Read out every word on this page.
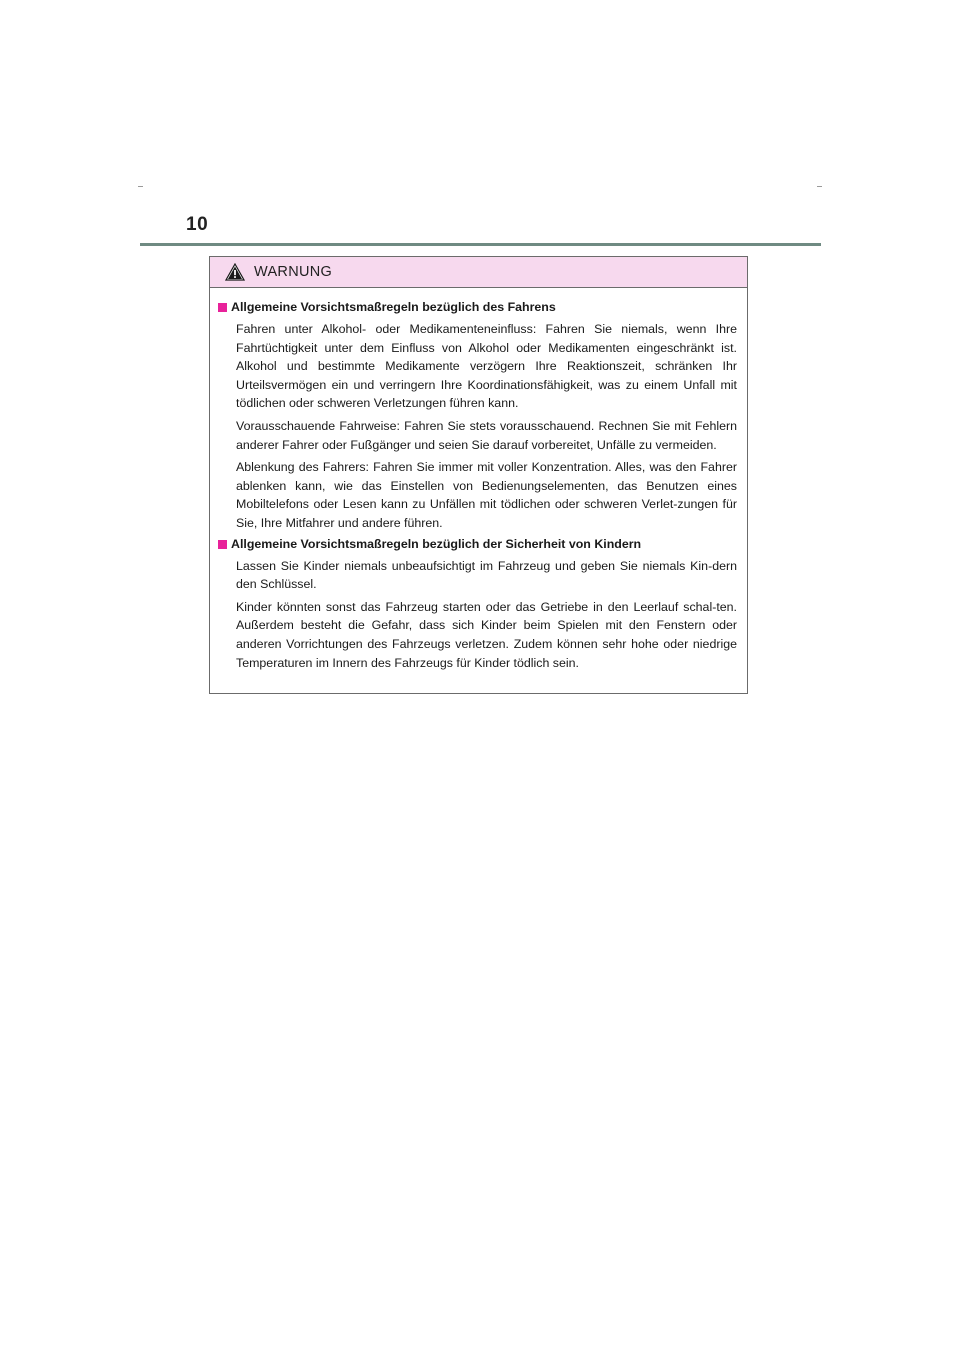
10
WARNUNG
Allgemeine Vorsichtsmaßregeln bezüglich des Fahrens

Fahren unter Alkohol- oder Medikamenteneinfluss: Fahren Sie niemals, wenn Ihre Fahrtüchtigkeit unter dem Einfluss von Alkohol oder Medikamenten eingeschränkt ist. Alkohol und bestimmte Medikamente verzögern Ihre Reaktionszeit, schränken Ihr Urteilsvermögen ein und verringern Ihre Koordinationsfähigkeit, was zu einem Unfall mit tödlichen oder schweren Verletzungen führen kann.

Vorausschauende Fahrweise: Fahren Sie stets vorausschauend. Rechnen Sie mit Fehlern anderer Fahrer oder Fußgänger und seien Sie darauf vorbereitet, Unfälle zu vermeiden.

Ablenkung des Fahrers: Fahren Sie immer mit voller Konzentration. Alles, was den Fahrer ablenken kann, wie das Einstellen von Bedienungselementen, das Benutzen eines Mobiltelefons oder Lesen kann zu Unfällen mit tödlichen oder schweren Verlet-zungen für Sie, Ihre Mitfahrer und andere führen.

Allgemeine Vorsichtsmaßregeln bezüglich der Sicherheit von Kindern

Lassen Sie Kinder niemals unbeaufsichtigt im Fahrzeug und geben Sie niemals Kin-dern den Schlüssel.

Kinder könnten sonst das Fahrzeug starten oder das Getriebe in den Leerlauf schal-ten. Außerdem besteht die Gefahr, dass sich Kinder beim Spielen mit den Fenstern oder anderen Vorrichtungen des Fahrzeugs verletzen. Zudem können sehr hohe oder niedrige Temperaturen im Innern des Fahrzeugs für Kinder tödlich sein.
